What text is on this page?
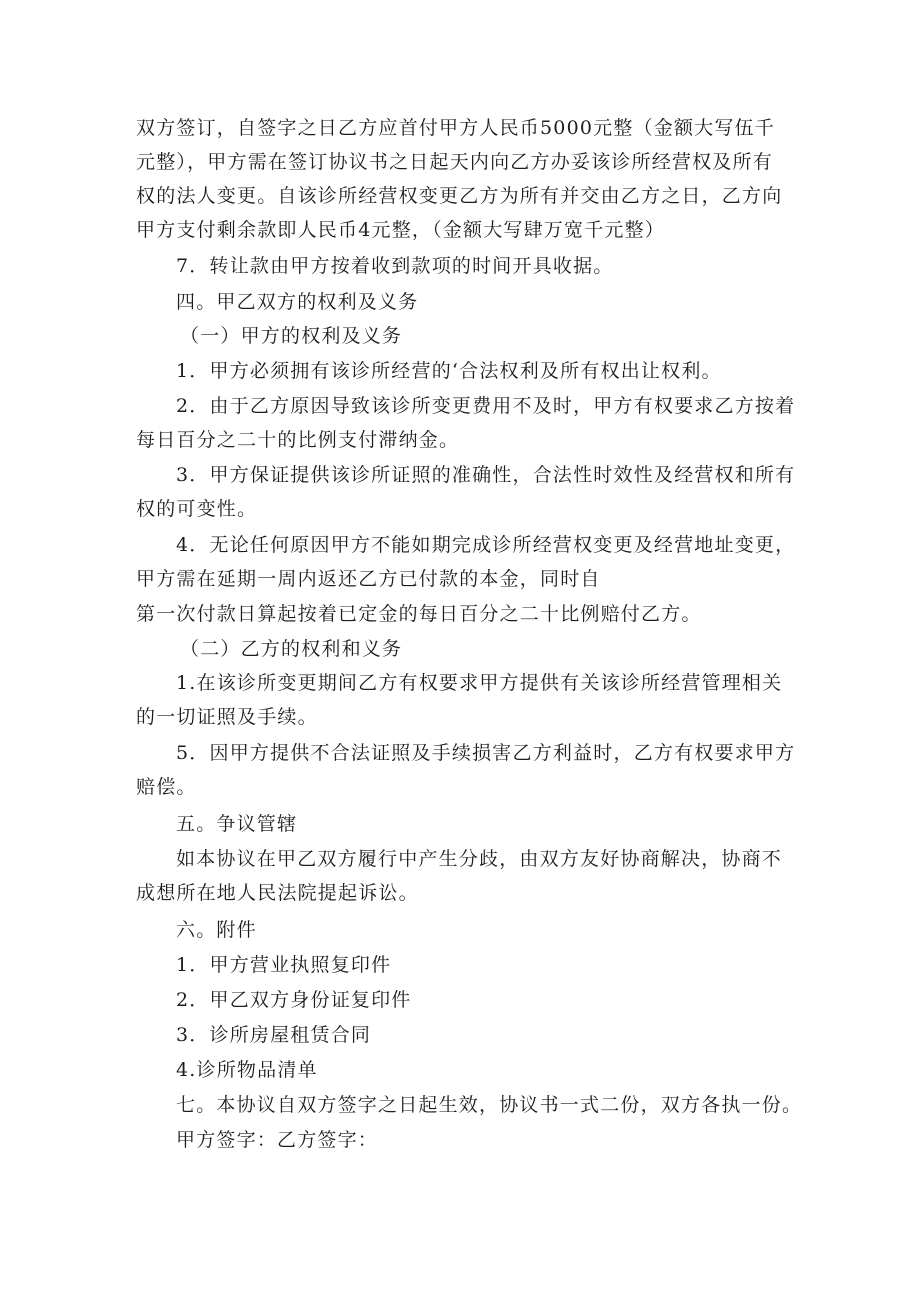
双方签订，自签字之日乙方应首付甲方人民币5000元整（金额大写伍千
元整），甲方需在签订协议书之日起天内向乙方办妥该诊所经营权及所有
权的法人变更。自该诊所经营权变更乙方为所有并交由乙方之日，乙方向
甲方支付剩余款即人民币4元整，（金额大写肆万宽千元整）
7．转让款由甲方按着收到款项的时间开具收据。
四。甲乙双方的权利及义务
（一）甲方的权利及义务
1．甲方必须拥有该诊所经营的‘合法权利及所有权出让权利。
2．由于乙方原因导致该诊所变更费用不及时，甲方有权要求乙方按着
每日百分之二十的比例支付滞纳金。
3．甲方保证提供该诊所证照的准确性，合法性时效性及经营权和所有
权的可变性。
4．无论任何原因甲方不能如期完成诊所经营权变更及经营地址变更，
甲方需在延期一周内返还乙方已付款的本金，同时自
第一次付款日算起按着已定金的每日百分之二十比例赔付乙方。
（二）乙方的权利和义务
1.在该诊所变更期间乙方有权要求甲方提供有关该诊所经营管理相关
的一切证照及手续。
5．因甲方提供不合法证照及手续损害乙方利益时，乙方有权要求甲方
赔偿。
五。争议管辖
如本协议在甲乙双方履行中产生分歧，由双方友好协商解决，协商不
成想所在地人民法院提起诉讼。
六。附件
1．甲方营业执照复印件
2．甲乙双方身份证复印件
3．诊所房屋租赁合同
4.诊所物品清单
七。本协议自双方签字之日起生效，协议书一式二份，双方各执一份。
甲方签字：乙方签字：
